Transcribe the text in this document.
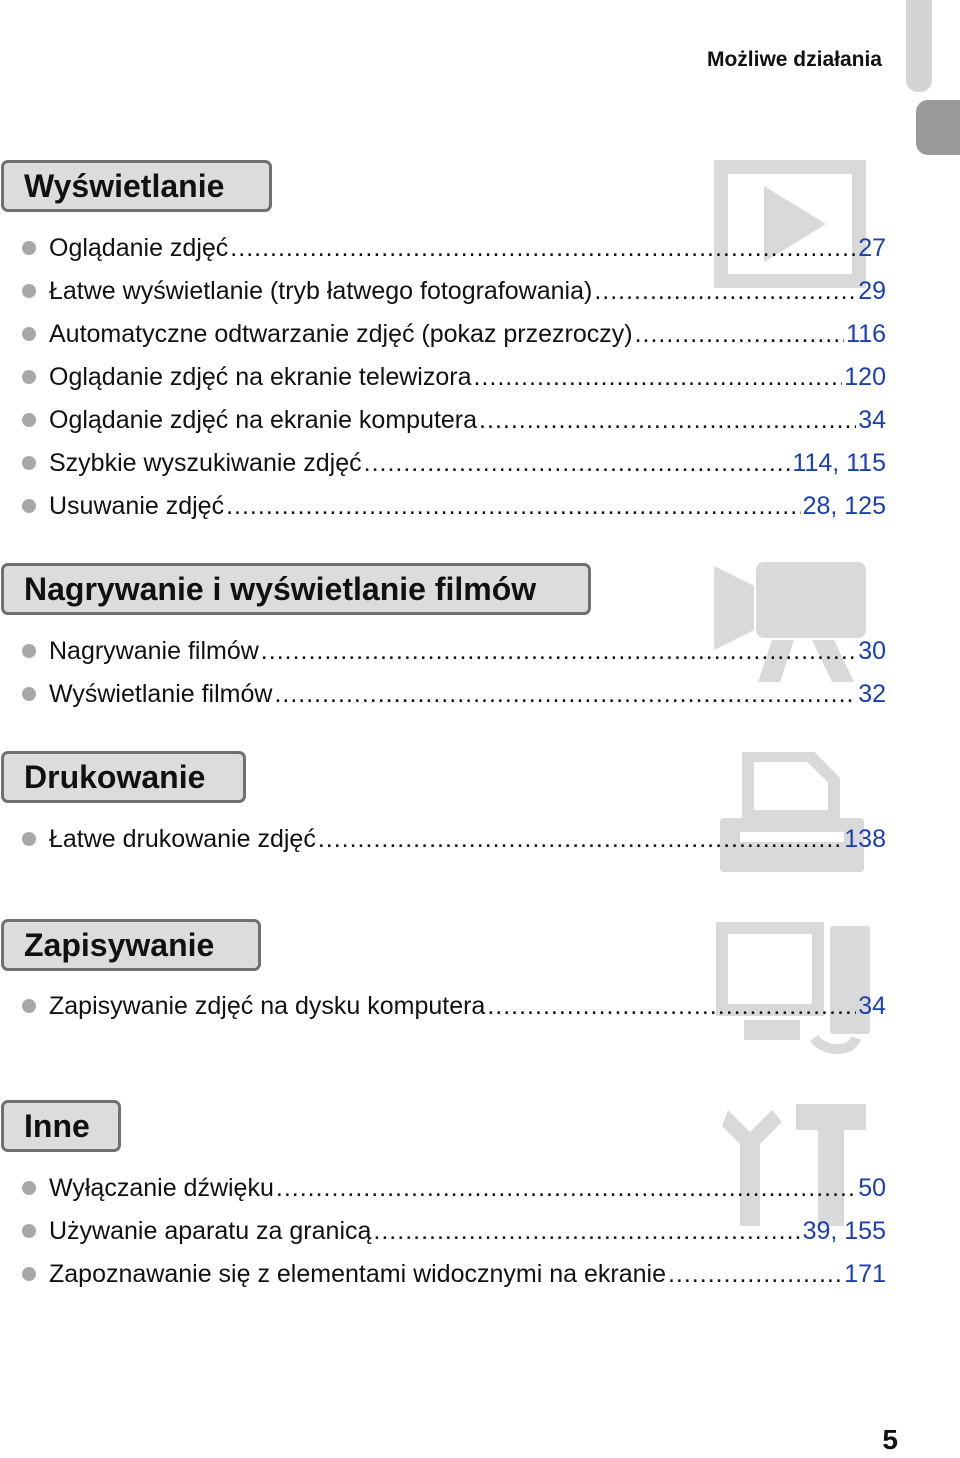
Możliwe działania
Wyświetlanie
Oglądanie zdjęć .....	27
Łatwe wyświetlanie (tryb łatwego fotografowania) .....	29
Automatyczne odtwarzanie zdjęć (pokaz przezroczy) .....	116
Oglądanie zdjęć na ekranie telewizora .....	120
Oglądanie zdjęć na ekranie komputera .....	34
Szybkie wyszukiwanie zdjęć .....	114, 115
Usuwanie zdjęć .....	28, 125
Nagrywanie i wyświetlanie filmów
Nagrywanie filmów .....	30
Wyświetlanie filmów .....	32
Drukowanie
Łatwe drukowanie zdjęć .....	138
Zapisywanie
Zapisywanie zdjęć na dysku komputera .....	34
Inne
Wyłączanie dźwięku .....	50
Używanie aparatu za granicą .....	39, 155
Zapoznawanie się z elementami widocznymi na ekranie .....	171
5
